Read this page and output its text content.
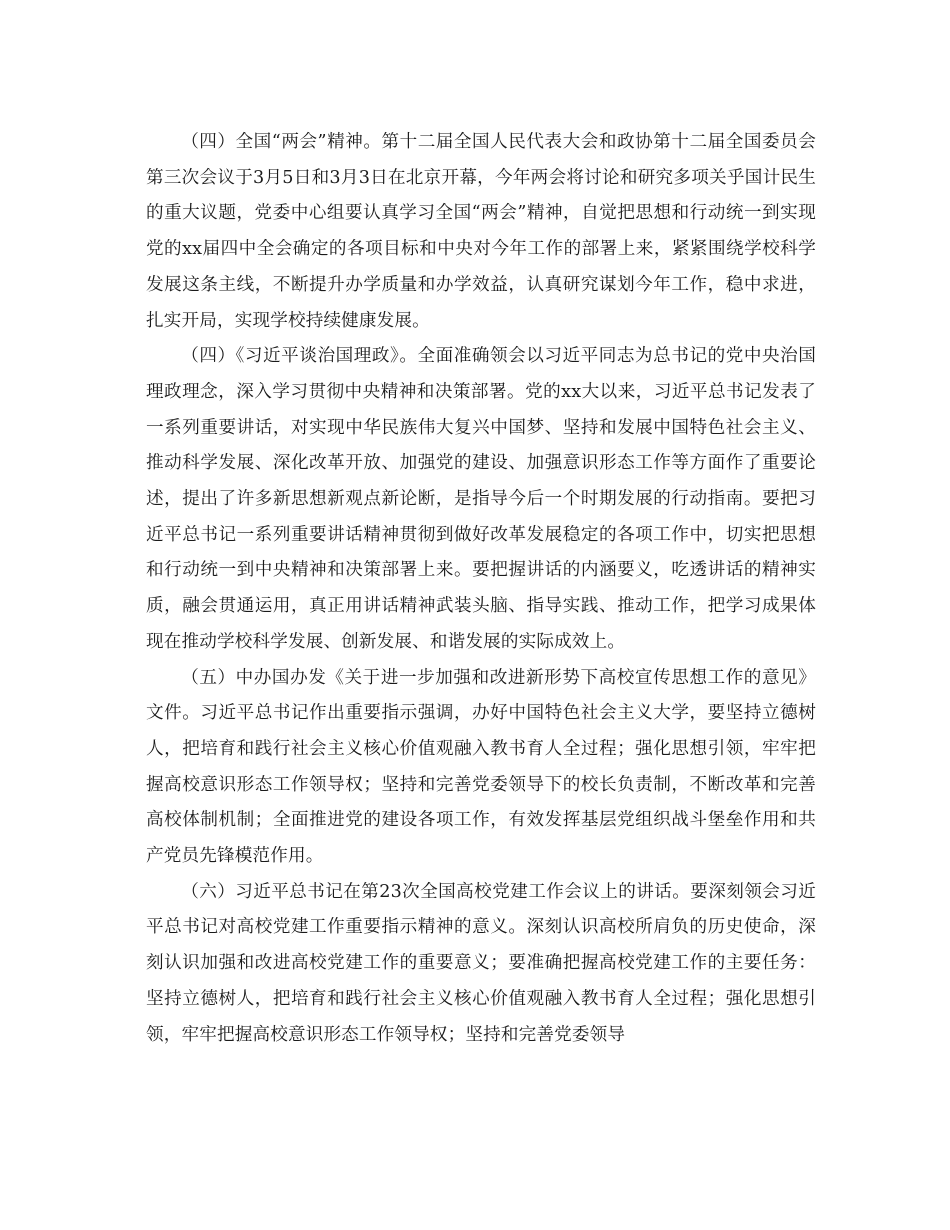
（四）全国“两会”精神。第十二届全国人民代表大会和政协第十二届全国委员会第三次会议于3月5日和3月3日在北京开幕，今年两会将讨论和研究多项关乎国计民生的重大议题，党委中心组要认真学习全国“两会”精神，自觉把思想和行动统一到实现党的xx届四中全会确定的各项目标和中央对今年工作的部署上来，紧紧围绕学校科学发展这条主线，不断提升办学质量和办学效益，认真研究谋划今年工作，稳中求进，扎实开局，实现学校持续健康发展。

（四）《习近平谈治国理政》。全面准确领会以习近平同志为总书记的党中央治国理政理念，深入学习贯彻中央精神和决策部署。党的xx大以来，习近平总书记发表了一系列重要讲话，对实现中华民族伟大复兴中国梦、坚持和发展中国特色社会主义、推动科学发展、深化改革开放、加强党的建设、加强意识形态工作等方面作了重要论述，提出了许多新思想新观点新论断，是指导今后一个时期发展的行动指南。要把习近平总书记一系列重要讲话精神贯彻到做好改革发展稳定的各项工作中，切实把思想和行动统一到中央精神和决策部署上来。要把握讲话的内涵要义，吃透讲话的精神实质，融会贯通运用，真正用讲话精神武装头脑、指导实践、推动工作，把学习成果体现在推动学校科学发展、创新发展、和谐发展的实际成效上。

（五）中办国办发《关于进一步加强和改进新形势下高校宣传思想工作的意见》文件。习近平总书记作出重要指示强调，办好中国特色社会主义大学，要坚持立德树人，把培育和践行社会主义核心价值观融入教书育人全过程；强化思想引领，牢牢把握高校意识形态工作领导权；坚持和完善党委领导下的校长负责制，不断改革和完善高校体制机制；全面推进党的建设各项工作，有效发挥基层党组织战斗堡垒作用和共产党员先锋模范作用。

（六）习近平总书记在第23次全国高校党建工作会议上的讲话。要深刻领会习近平总书记对高校党建工作重要指示精神的意义。深刻认识高校所肩负的历史使命，深刻认识加强和改进高校党建工作的重要意义；要准确把握高校党建工作的主要任务：坚持立德树人，把培育和践行社会主义核心价值观融入教书育人全过程；强化思想引领，牢牢把握高校意识形态工作领导权；坚持和完善党委领导
